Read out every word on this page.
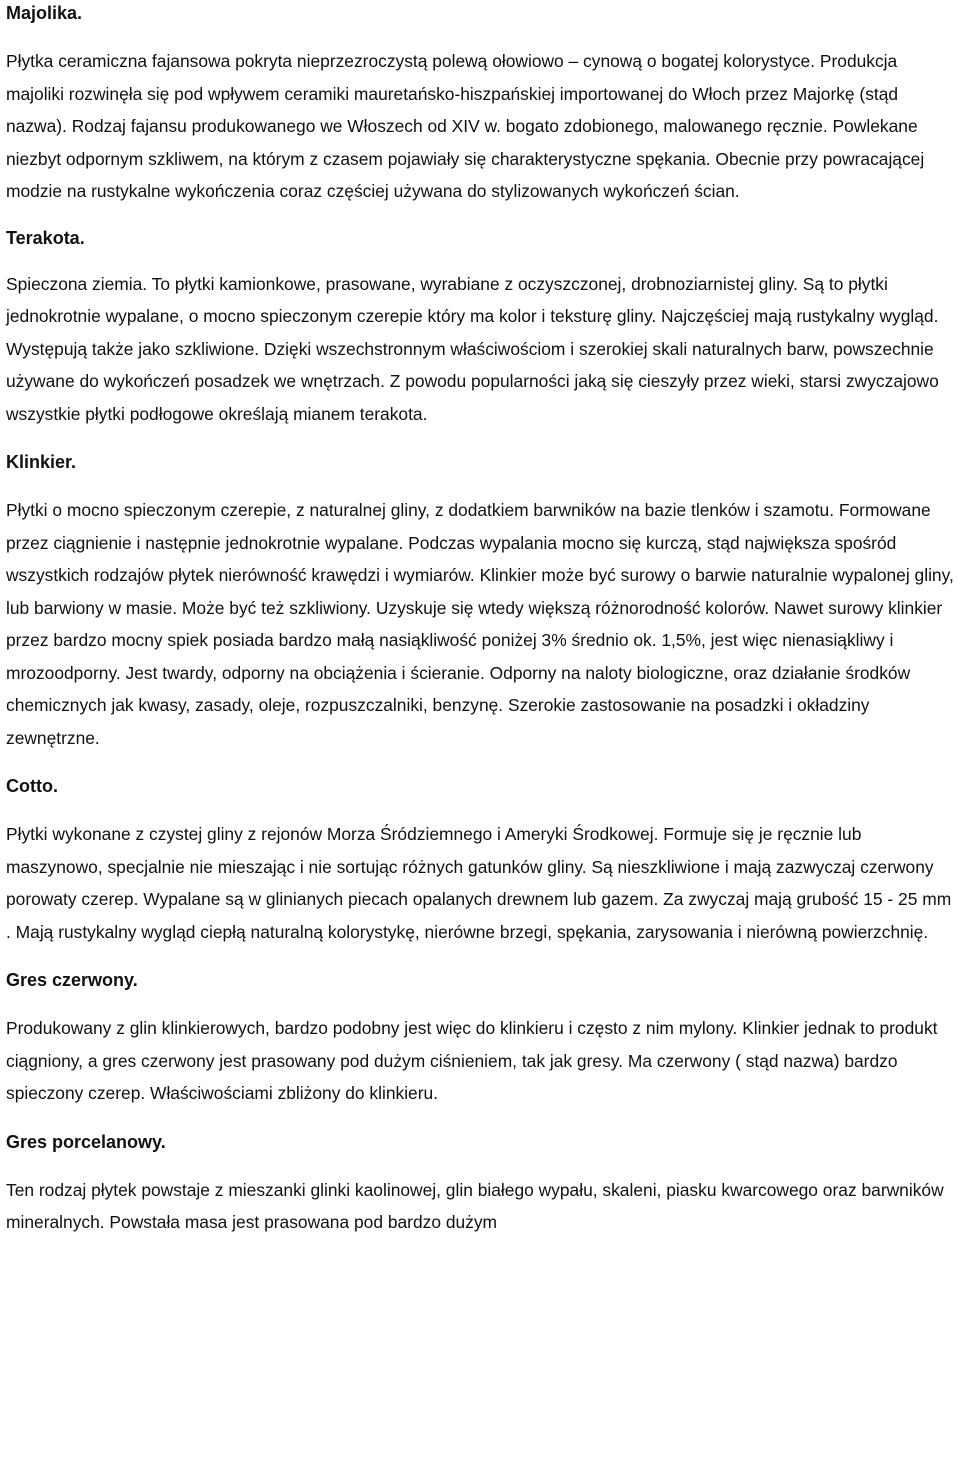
Majolika.

Płytka ceramiczna fajansowa pokryta nieprzezroczystą polewą ołowiowo – cynową o bogatej kolorystyce. Produkcja majoliki rozwinęła się pod wpływem ceramiki mauretańsko-hiszpańskiej importowanej do Włoch przez Majorkę (stąd nazwa). Rodzaj fajansu produkowanego we Włoszech od XIV w. bogato zdobionego, malowanego ręcznie. Powlekane niezbyt odpornym szkliwem, na którym z czasem pojawiały się charakterystyczne spękania. Obecnie przy powracającej modzie na rustykalne wykończenia coraz częściej używana do stylizowanych wykończeń ścian.

Terakota.

Spieczona ziemia. To płytki kamionkowe, prasowane, wyrabiane z oczyszczonej, drobnoziarnistej gliny. Są to płytki jednokrotnie wypalane, o mocno spieczonym czerepie który ma kolor i teksturę gliny. Najczęściej mają rustykalny wygląd. Występują także jako szkliwione. Dzięki wszechstronnym właściwościom i szerokiej skali naturalnych barw, powszechnie używane do wykończeń posadzek we wnętrzach. Z powodu popularności jaką się cieszyły przez wieki, starsi zwyczajowo wszystkie płytki podłogowe określają mianem terakota.

Klinkier.

Płytki o mocno spieczonym czerepie, z naturalnej gliny, z dodatkiem barwników na bazie tlenków i szamotu. Formowane przez ciągnienie i następnie jednokrotnie wypalane. Podczas wypalania mocno się kurczą, stąd największa spośród wszystkich rodzajów płytek nierówność krawędzi i wymiarów. Klinkier może być surowy o barwie naturalnie wypalonej gliny, lub barwiony w masie. Może być też szkliwiony. Uzyskuje się wtedy większą różnorodność kolorów. Nawet surowy klinkier przez bardzo mocny spiek posiada bardzo małą nasiąkliwość poniżej 3% średnio ok. 1,5%, jest więc nienasiąkliwy i mrozoodporny. Jest twardy, odporny na obciążenia i ścieranie. Odporny na naloty biologiczne, oraz działanie środków chemicznych jak kwasy, zasady, oleje, rozpuszczalniki, benzynę. Szerokie zastosowanie na posadzki i okładziny zewnętrzne.

Cotto.

Płytki wykonane z czystej gliny z rejonów Morza Śródziemnego i Ameryki Środkowej. Formuje się je ręcznie lub maszynowo, specjalnie nie mieszając i nie sortując różnych gatunków gliny. Są nieszkliwione i mają zazwyczaj czerwony porowaty czerep. Wypalane są w glinianych piecach opalanych drewnem lub gazem. Za zwyczaj mają grubość 15 - 25 mm . Mają rustykalny wygląd ciepłą naturalną kolorystykę, nierówne brzegi, spękania, zarysowania i nierówną powierzchnię.

Gres czerwony.

Produkowany z glin klinkierowych, bardzo podobny jest więc do klinkieru i często z nim mylony. Klinkier jednak to produkt ciągniony, a gres czerwony jest prasowany pod dużym ciśnieniem, tak jak gresy. Ma czerwony ( stąd nazwa) bardzo spieczony czerep. Właściwościami zbliżony do klinkieru.

Gres porcelanowy.

Ten rodzaj płytek powstaje z mieszanki glinki kaolinowej, glin białego wypału, skaleni, piasku kwarcowego oraz barwników mineralnych. Powstała masa jest prasowana pod bardzo dużym
